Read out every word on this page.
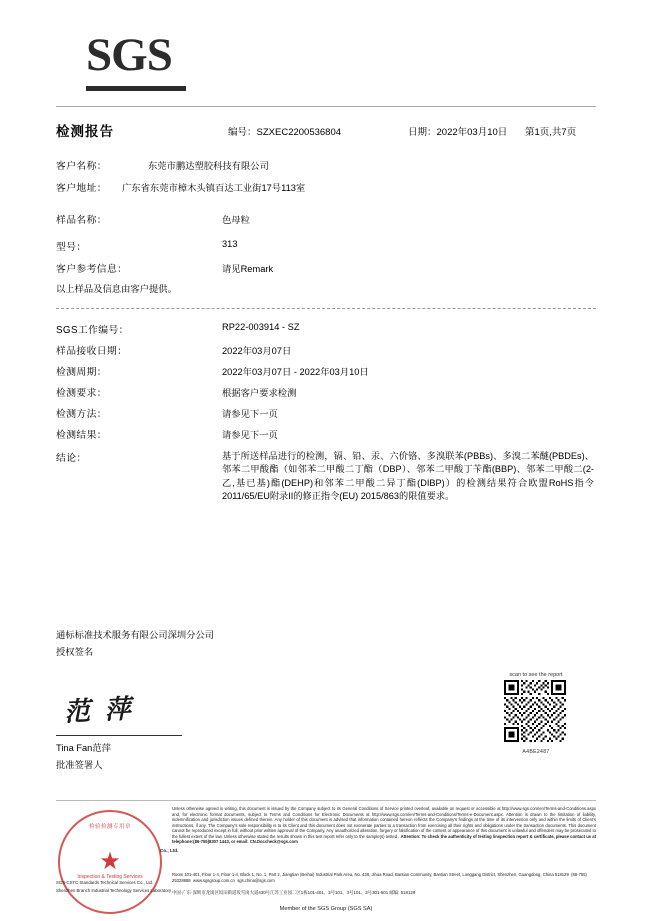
SGS
检测报告	编号：SZXEC2200536804	日期：2022年03月10日 第1页,共7页
客户名称：	东莞市鹏达塑胶科技有限公司
客户地址： 广东省东莞市樟木头镇百达工业街17号113室
样品名称：	色母粒
型号：	313
客户参考信息：	请见Remark
以上样品及信息由客户提供。
SGS工作编号：	RP22-003914 - SZ
样品接收日期：	2022年03月07日
检测周期：	2022年03月07日 - 2022年03月10日
检测要求：	根据客户要求检测
检测方法：	请参见下一页
检测结果：	请参见下一页
结论：	基于所送样品进行的检测，镉、铅、汞、六价铬、多溴联苯(PBBs)、多溴二苯醚(PBDEs)、邻苯二甲酸酯（如邻苯二甲酸二丁酯（DBP）、邻苯二甲酸丁苄酯(BBP)、邻苯二甲酸二(2-乙,基已基)酯(DEHP)和邻苯二甲酸二异丁酯(DIBP)）的检测结果符合欧盟RoHS指令2011/65/EU附录II的修正指令(EU) 2015/863的限值要求。
通标标准技术服务有限公司深圳分公司
授权签名
范 萍
Tina Fan范萍
批准签署人
scan to see the report
A4BE2487
Unless otherwise agreed in writing, this document is issued by the Company subject to its General Conditions of Service printed overleaf, available on request or accessible at http://www.sgs.com/en/Terms-and-Conditions.aspx and, for electronic format documents, subject to Terms and Conditions for Electronic Documents at http://www.sgs.com/en/Terms-and-Conditions/Terms-e-Document.aspx. Attention is drawn to the limitation of liability, indemnification and jurisdiction issues defined therein. Any holder of this document is advised that information contained hereon reflects the Company's findings at the time of its intervention only and within the limits of Client's instructions, if any. The Company's sole responsibility is to its Client and this document does not exonerate parties to a transaction from exercising all their rights and obligations under the transaction documents. This document cannot be reproduced except in full, without prior written approval of the Company. Any unauthorized alteration, forgery or falsification of the content or appearance of this document is unlawful and offenders may be prosecuted to the fullest extent of the law. Unless otherwise stated the results shown in this test report refer only to the sample(s) tested . Attention: To check the authenticity of testing /inspection report & certificate, please contact us at telephone:(86-755)8307 1443, or email: CN.Doccheck@sgs.com
Room 101-401, Floor 1-4, Floor 1-4, Block 1, No. 1, Part 2, Jiangtian (Beihai) Industrial Park Area, No. 430, Jihua Road, Bantian Community, Bantian Street, Longgang District, Shenzhen, Guangdong, China 518129 (86-755) 25328888 www.sgsgroup.com.cn sgs.china@sgs.com
中国·广东·深圳市龙岗区坂田街道坂雪岗大道430号江苏工业园二区1栋101-401、3号101、3号101、3号301-501 邮编: 518129
Member of the SGS Group (SGS SA)
检验检测专用章
★
Inspection & Testing Services
Co., Ltd.
SGS-CSTC Standards Technical Services Co., Ltd.
Shenzhen Branch Industrial Technology Services Laboratory
